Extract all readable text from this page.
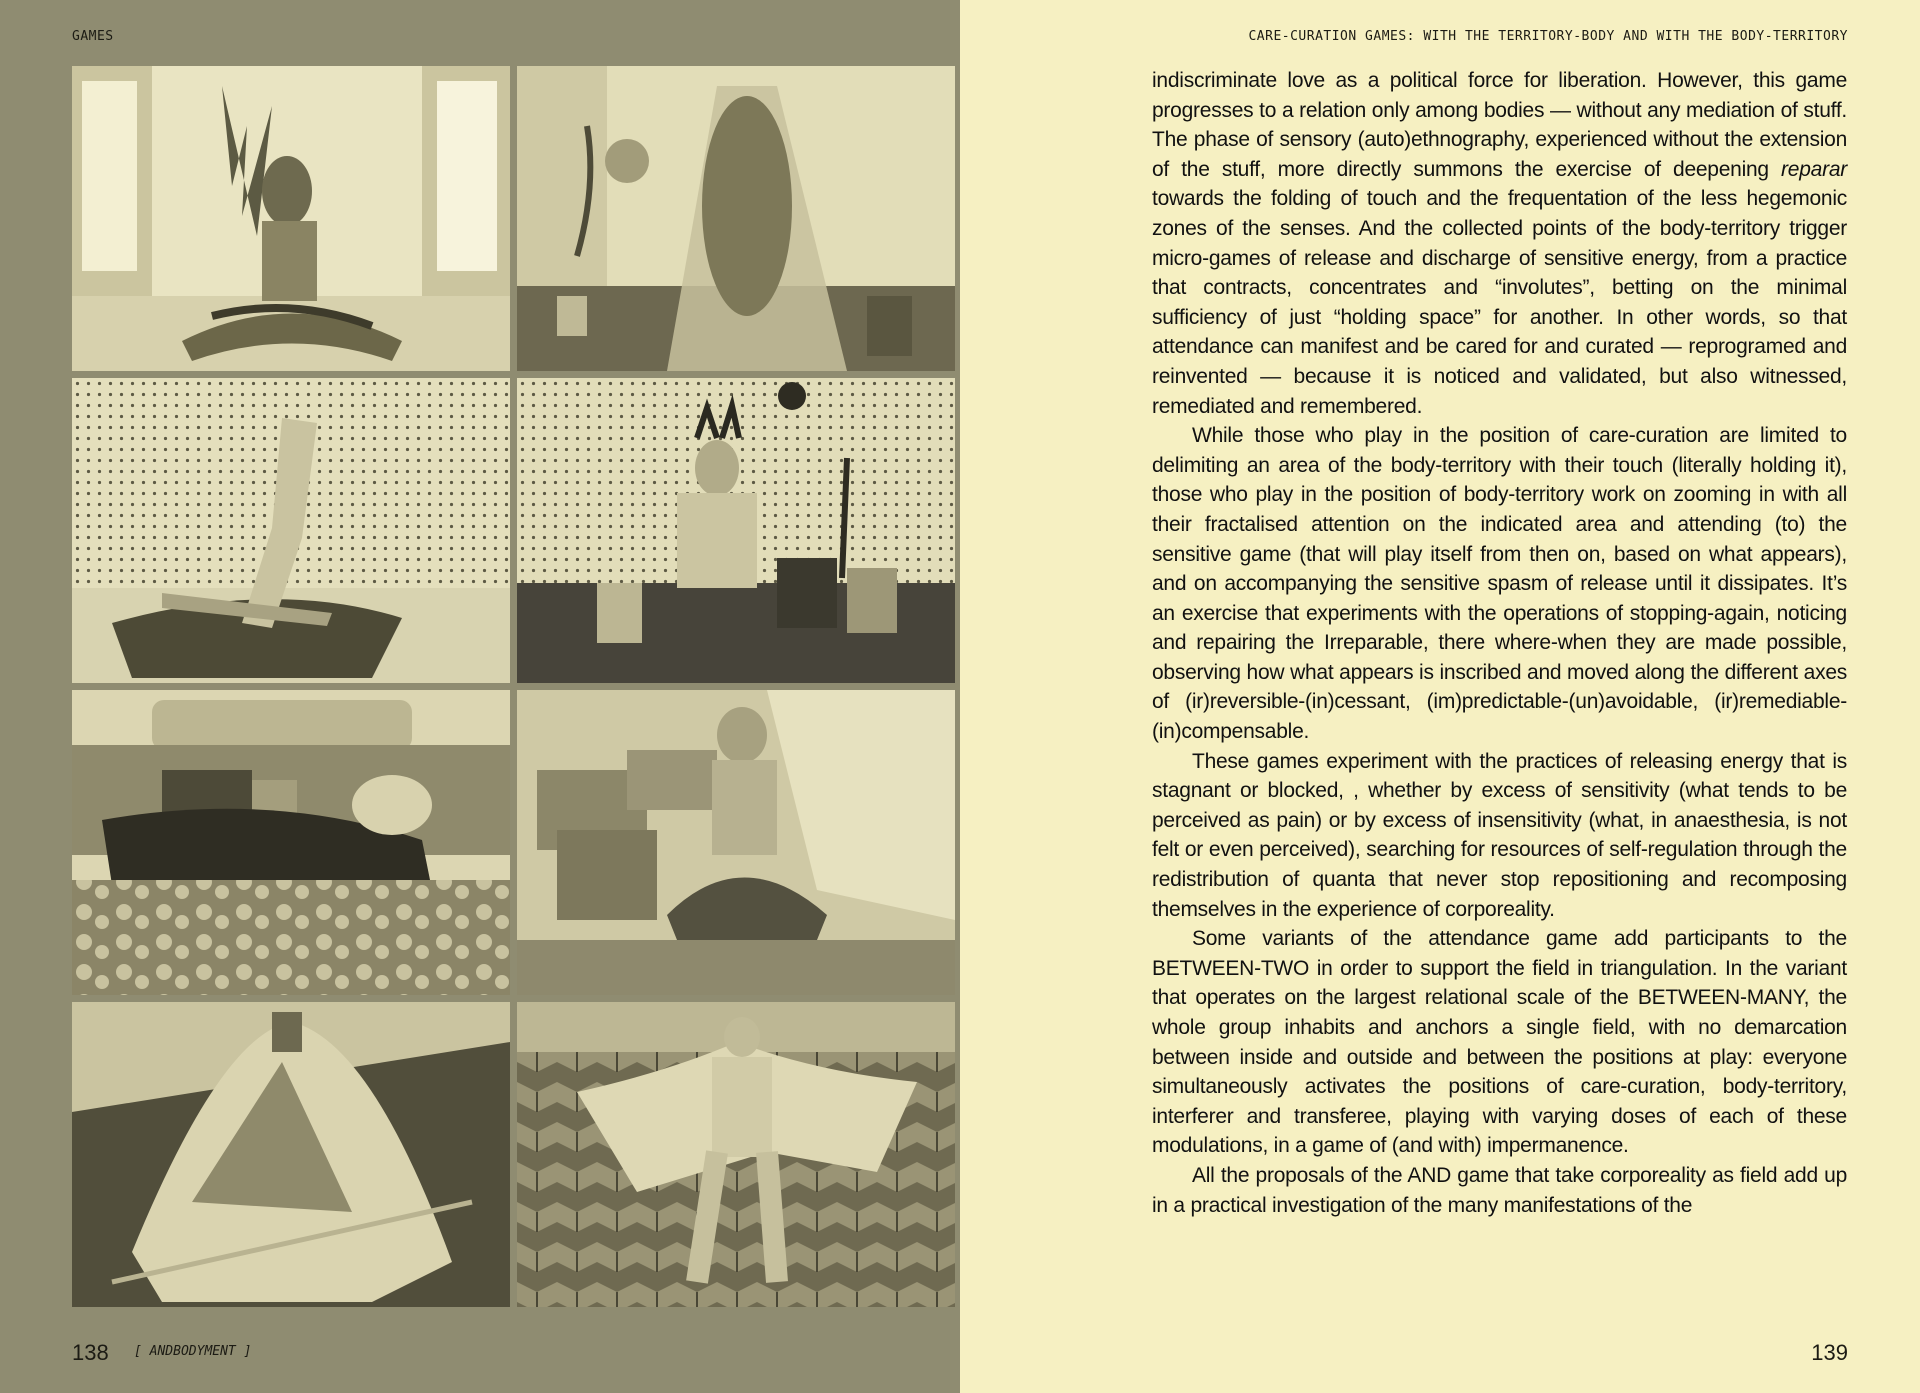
GAMES
138 [ ANDBODYMENT ]
CARE-CURATION GAMES: WITH THE TERRITORY-BODY AND WITH THE BODY-TERRITORY
139

indiscriminate love as a political force for liberation. However, this game progresses to a relation only among bodies — without any mediation of stuff. The phase of sensory (auto)ethnography, experienced without the extension of the stuff, more directly summons the exercise of deepening reparar towards the folding of touch and the frequentation of the less hegemonic zones of the senses. And the collected points of the body-territory trigger micro-games of release and discharge of sensitive energy, from a practice that contracts, concentrates and “involutes”, betting on the minimal sufficiency of just “holding space” for another. In other words, so that attendance can manifest and be cared for and curated — reprogramed and reinvented — because it is noticed and validated, but also witnessed, remediated and remembered.

While those who play in the position of care-curation are limited to delimiting an area of the body-territory with their touch (literally holding it), those who play in the position of body-territory work on zooming in with all their fractalised attention on the indicated area and attending (to) the sensitive game (that will play itself from then on, based on what appears), and on accompanying the sensitive spasm of release until it dissipates. It’s an exercise that experiments with the operations of stopping-again, noticing and repairing the Irreparable, there where-when they are made possible, observing how what appears is inscribed and moved along the different axes of (ir)reversible-(in)cessant, (im)predictable-(un)avoidable, (ir)remediable-(in)compensable.

These games experiment with the practices of releasing energy that is stagnant or blocked, , whether by excess of sensitivity (what tends to be perceived as pain) or by excess of insensitivity (what, in anaesthesia, is not felt or even perceived), searching for resources of self-regulation through the redistribution of quanta that never stop repositioning and recomposing themselves in the experience of corporeality.

Some variants of the attendance game add participants to the BETWEEN-TWO in order to support the field in triangulation. In the variant that operates on the largest relational scale of the BETWEEN-MANY, the whole group inhabits and anchors a single field, with no demarcation between inside and outside and between the positions at play: everyone simultaneously activates the positions of care-curation, body-territory, interferer and transferee, playing with varying doses of each of these modulations, in a game of (and with) impermanence.

All the proposals of the AND game that take corporeality as field add up in a practical investigation of the many manifestations of the
